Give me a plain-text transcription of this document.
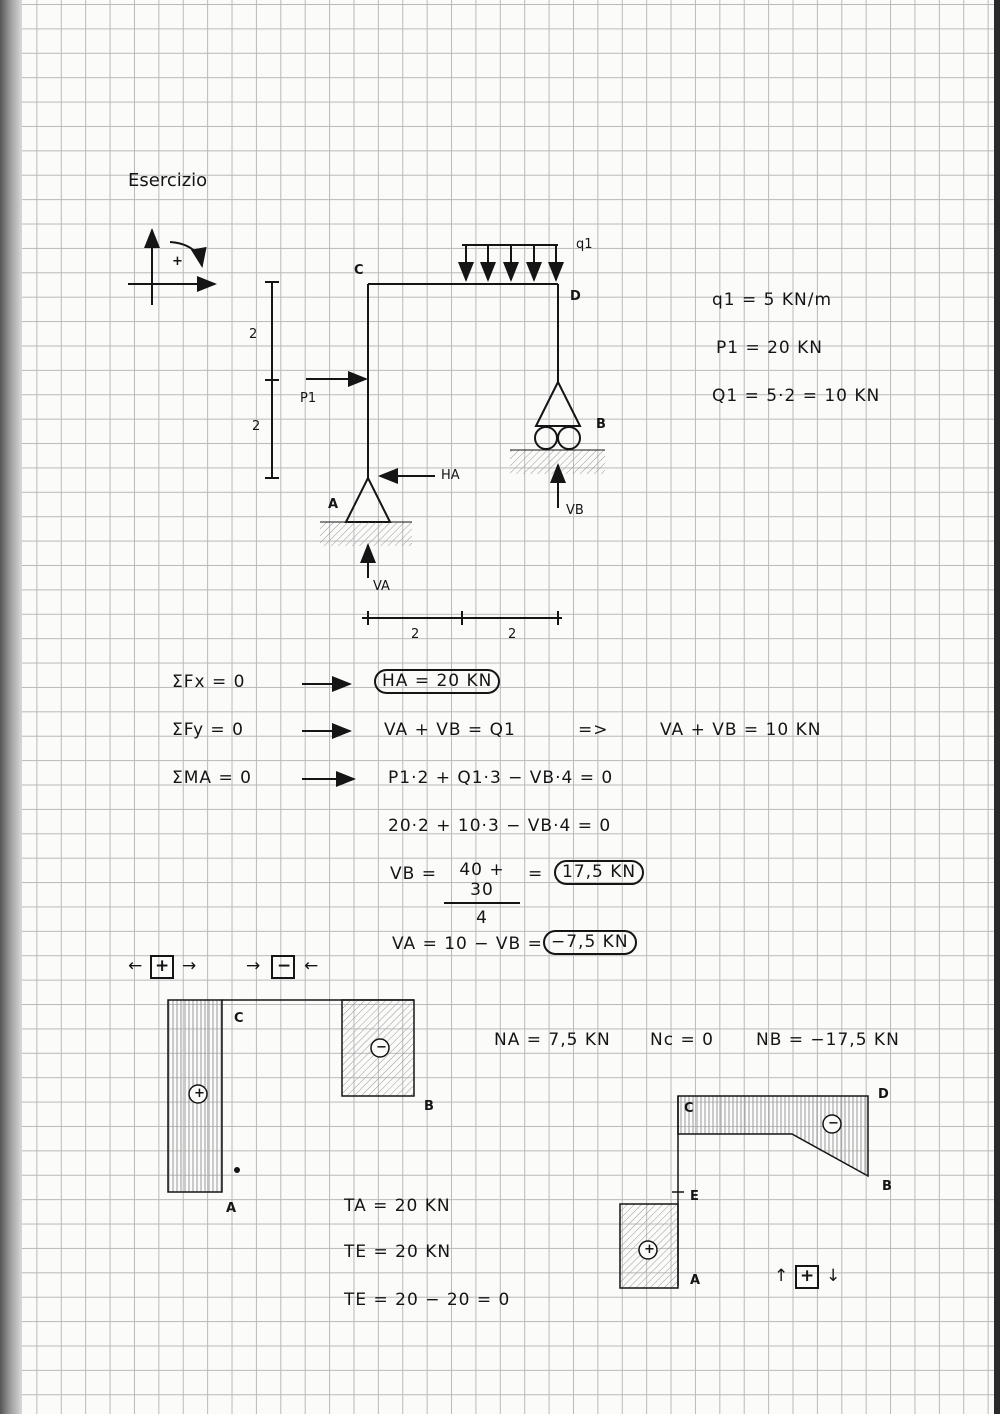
Esercizio
+
C
D
B
A
q1
P1
HA
VA
VB
2
2
2	2
q1 = 5 KN/m
P1 = 20 KN
Q1 = 5·2 = 10 KN
ΣFx = 0	HA = 20 KN
ΣFy = 0	VA + VB = Q1	=>	VA + VB = 10 KN
ΣMA = 0	P1·2 + Q1·3 − VB·4 = 0
20·2 + 10·3 − VB·4 = 0
VB = $\frac{40 + 30}{4}$ =	17,5 KN
VA = 10 − VB = −7,5 KN
← + →	→ − ←
C
B
A
+
−	NA = 7,5 KN Nc = 0 NB = −17,5 KN
TA = 20 KN
TE = 20 KN
TE = 20 − 20 = 0
C
D
B
E
A
+
−
↑ + ↓
